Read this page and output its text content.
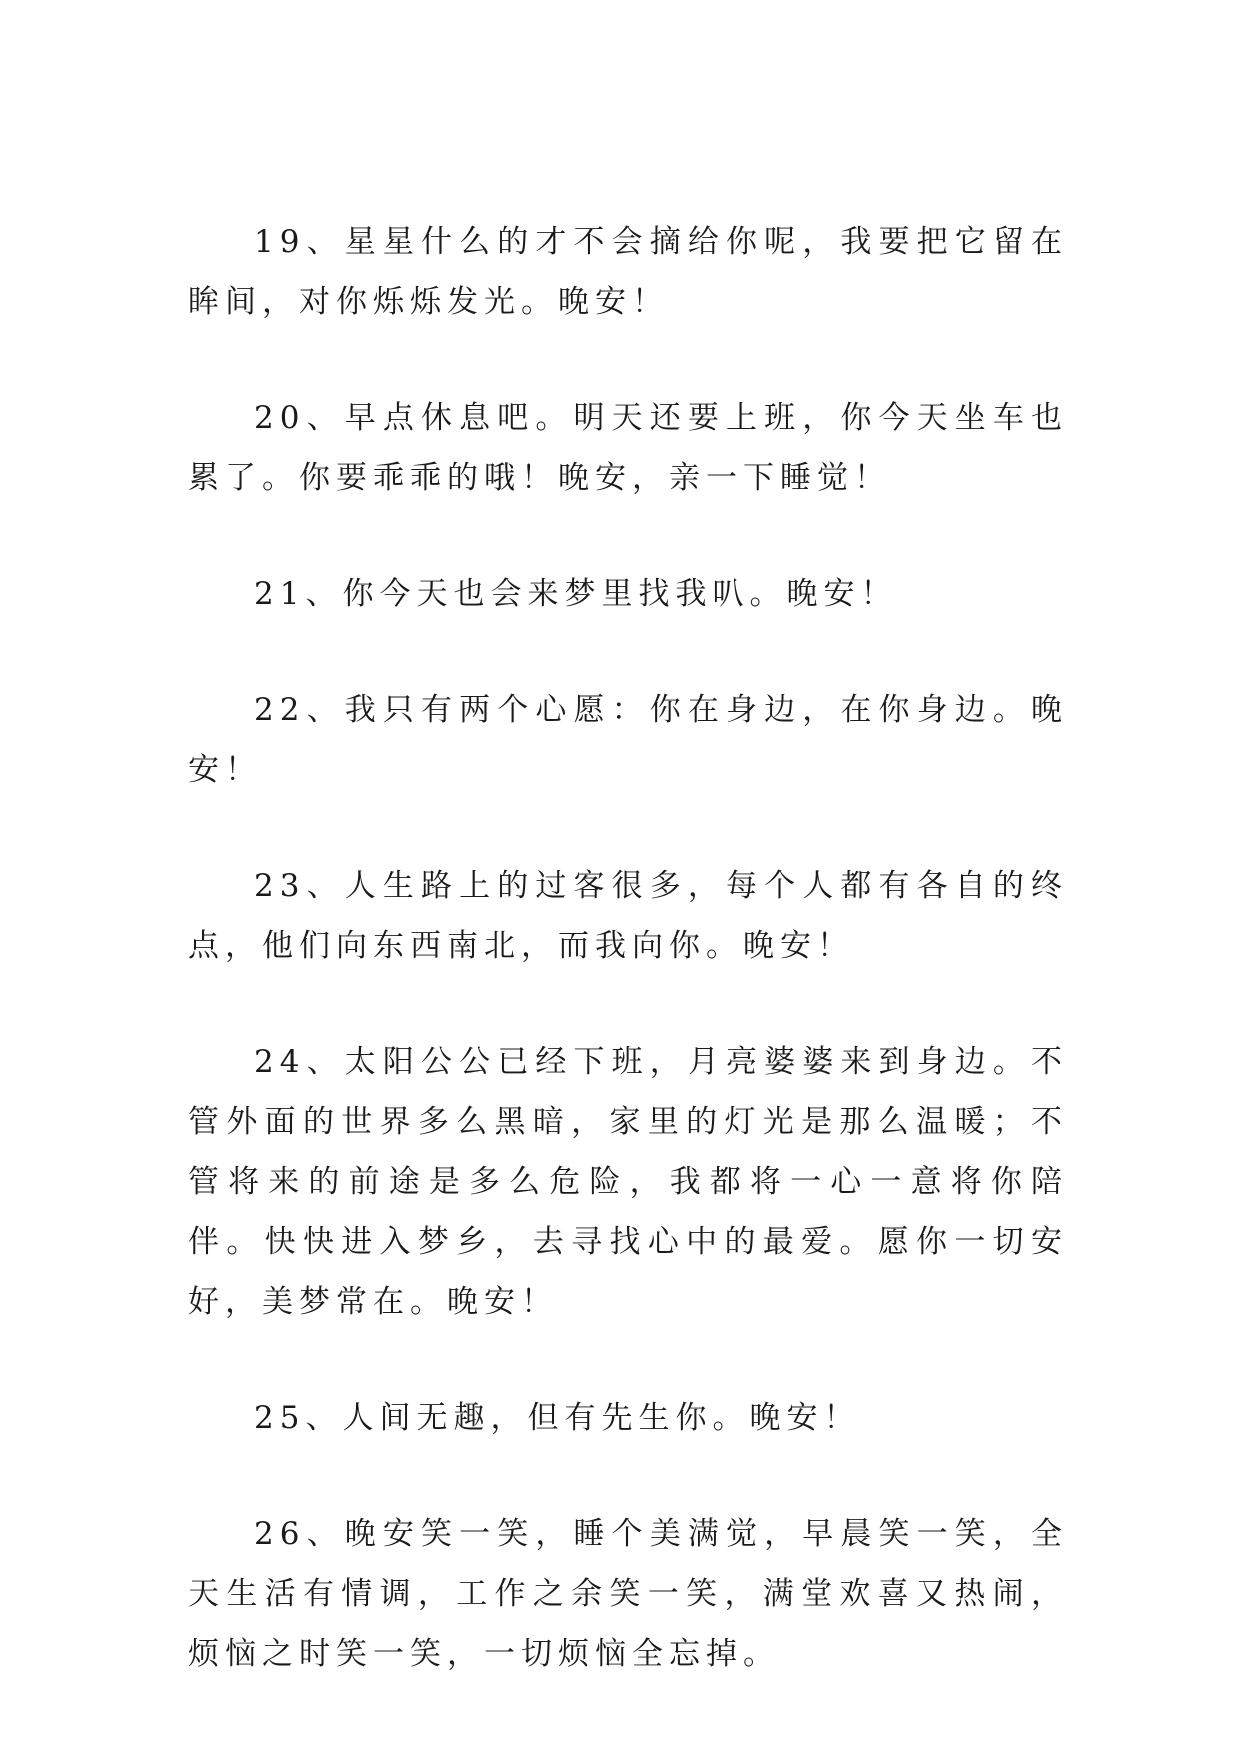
19、星星什么的才不会摘给你呢，我要把它留在眸间，对你烁烁发光。晚安！

20、早点休息吧。明天还要上班，你今天坐车也累了。你要乖乖的哦！晚安，亲一下睡觉！

21、你今天也会来梦里找我叭。晚安！

22、我只有两个心愿：你在身边，在你身边。晚安！

23、人生路上的过客很多，每个人都有各自的终点，他们向东西南北，而我向你。晚安！

24、太阳公公已经下班，月亮婆婆来到身边。不管外面的世界多么黑暗，家里的灯光是那么温暖；不管将来的前途是多么危险，我都将一心一意将你陪伴。快快进入梦乡，去寻找心中的最爱。愿你一切安好，美梦常在。晚安！

25、人间无趣，但有先生你。晚安！

26、晚安笑一笑，睡个美满觉，早晨笑一笑，全天生活有情调，工作之余笑一笑，满堂欢喜又热闹，烦恼之时笑一笑，一切烦恼全忘掉。
